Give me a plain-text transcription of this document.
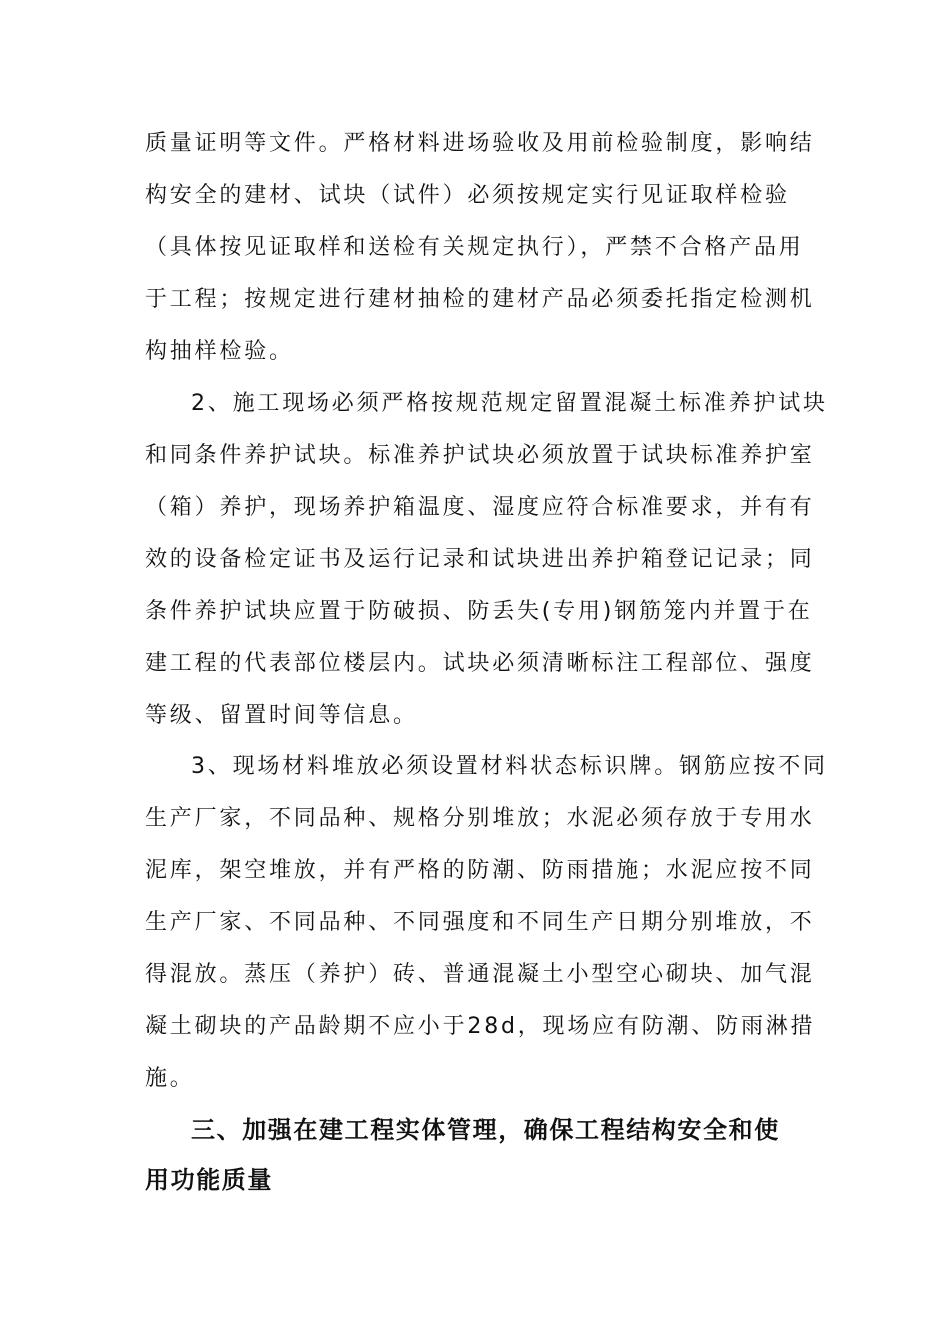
质量证明等文件。严格材料进场验收及用前检验制度，影响结
构安全的建材、试块（试件）必须按规定实行见证取样检验
（具体按见证取样和送检有关规定执行），严禁不合格产品用
于工程；按规定进行建材抽检的建材产品必须委托指定检测机
构抽样检验。
2、施工现场必须严格按规范规定留置混凝土标准养护试块
和同条件养护试块。标准养护试块必须放置于试块标准养护室
（箱）养护，现场养护箱温度、湿度应符合标准要求，并有有
效的设备检定证书及运行记录和试块进出养护箱登记记录；同
条件养护试块应置于防破损、防丢失(专用)钢筋笼内并置于在
建工程的代表部位楼层内。试块必须清晰标注工程部位、强度
等级、留置时间等信息。
3、现场材料堆放必须设置材料状态标识牌。钢筋应按不同
生产厂家，不同品种、规格分别堆放；水泥必须存放于专用水
泥库，架空堆放，并有严格的防潮、防雨措施；水泥应按不同
生产厂家、不同品种、不同强度和不同生产日期分别堆放，不
得混放。蒸压（养护）砖、普通混凝土小型空心砌块、加气混
凝土砌块的产品龄期不应小于28d，现场应有防潮、防雨淋措
施。
三、加强在建工程实体管理，确保工程结构安全和使
用功能质量
